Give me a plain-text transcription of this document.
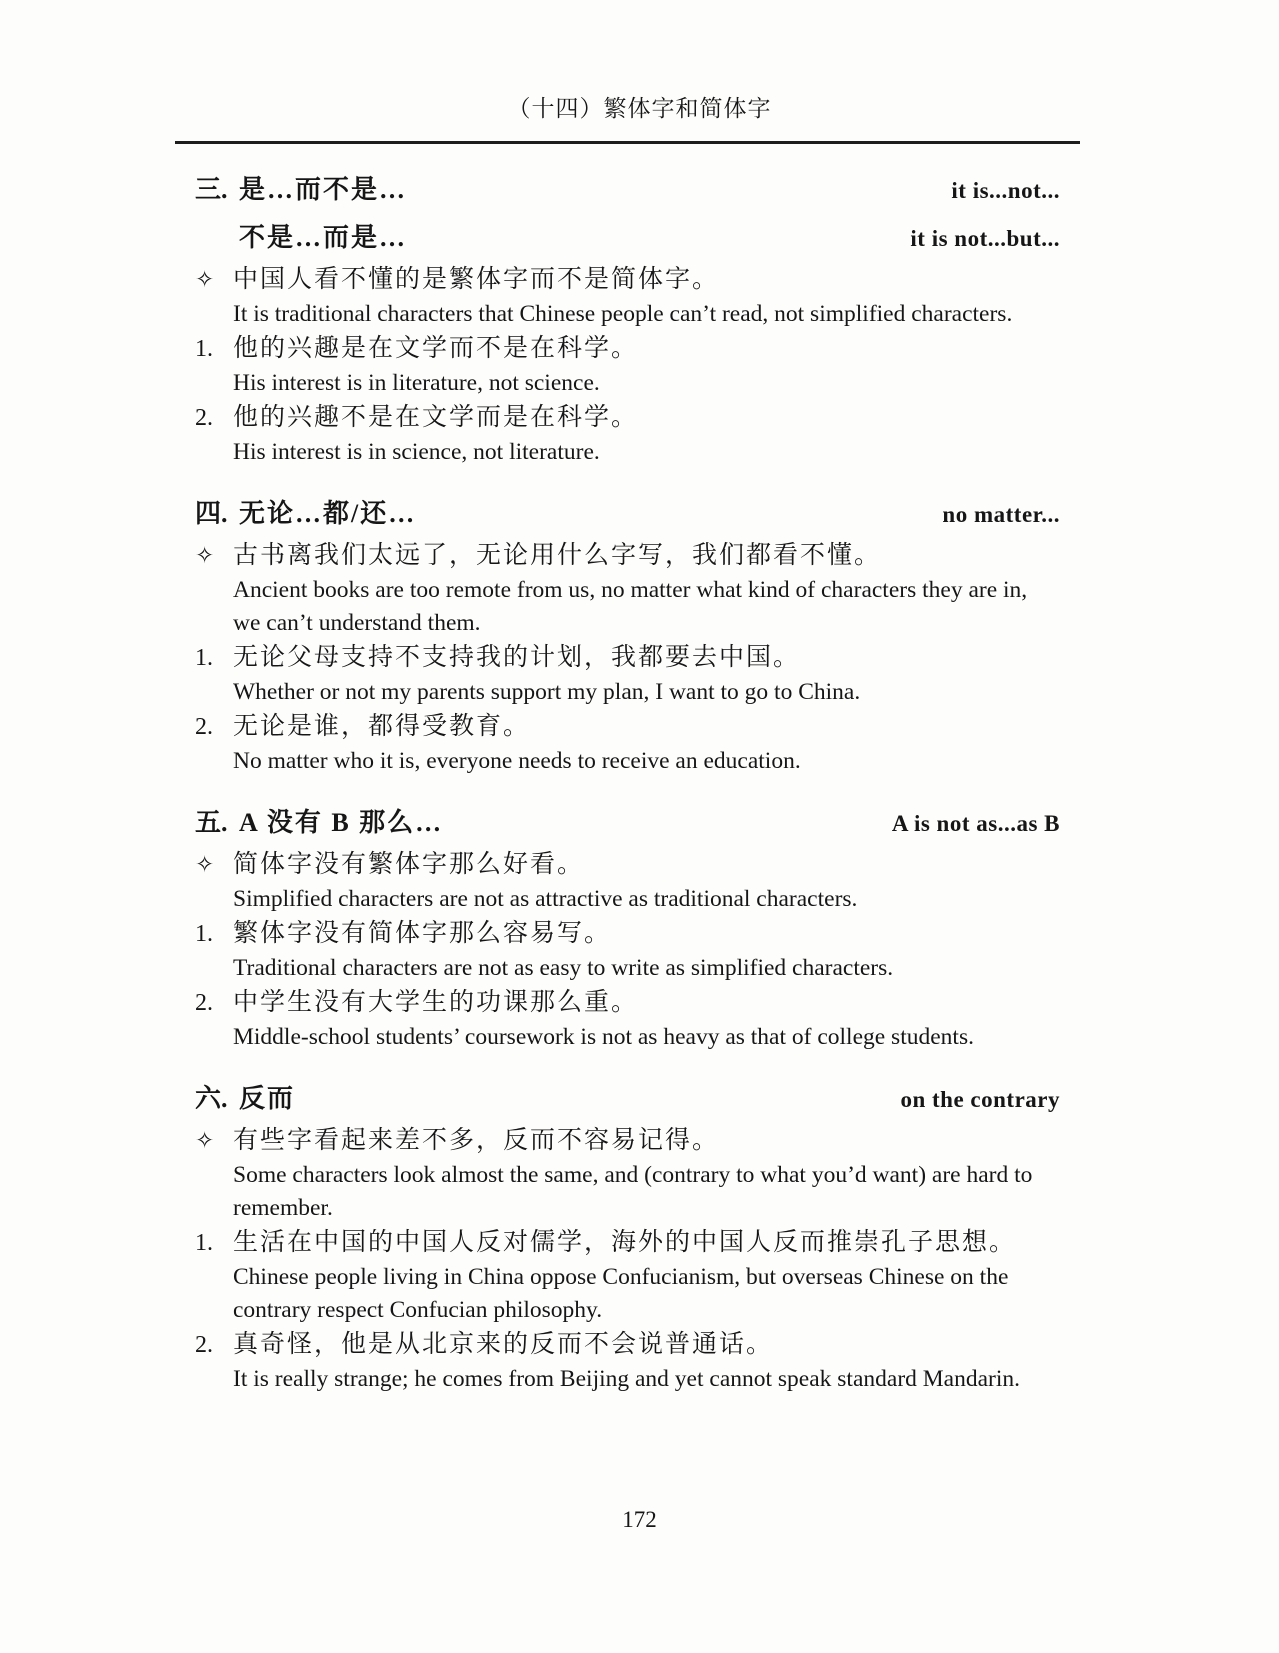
（十四）繁体字和简体字
三. 是…而不是…	it is...not...
不是…而是…	it is not...but...
✧ 中国人看不懂的是繁体字而不是简体字。
It is traditional characters that Chinese people can’t read, not simplified characters.
1. 他的兴趣是在文学而不是在科学。
His interest is in literature, not science.
2. 他的兴趣不是在文学而是在科学。
His interest is in science, not literature.
四. 无论…都/还…	no matter...
✧ 古书离我们太远了，无论用什么字写，我们都看不懂。
Ancient books are too remote from us, no matter what kind of characters they are in, we can’t understand them.
1. 无论父母支持不支持我的计划，我都要去中国。
Whether or not my parents support my plan, I want to go to China.
2. 无论是谁，都得受教育。
No matter who it is, everyone needs to receive an education.
五. A 没有 B 那么…	A is not as...as B
✧ 简体字没有繁体字那么好看。
Simplified characters are not as attractive as traditional characters.
1. 繁体字没有简体字那么容易写。
Traditional characters are not as easy to write as simplified characters.
2. 中学生没有大学生的功课那么重。
Middle-school students’ coursework is not as heavy as that of college students.
六. 反而	on the contrary
✧ 有些字看起来差不多，反而不容易记得。
Some characters look almost the same, and (contrary to what you’d want) are hard to remember.
1. 生活在中国的中国人反对儒学，海外的中国人反而推崇孔子思想。
Chinese people living in China oppose Confucianism, but overseas Chinese on the contrary respect Confucian philosophy.
2. 真奇怪，他是从北京来的反而不会说普通话。
It is really strange; he comes from Beijing and yet cannot speak standard Mandarin.
172
